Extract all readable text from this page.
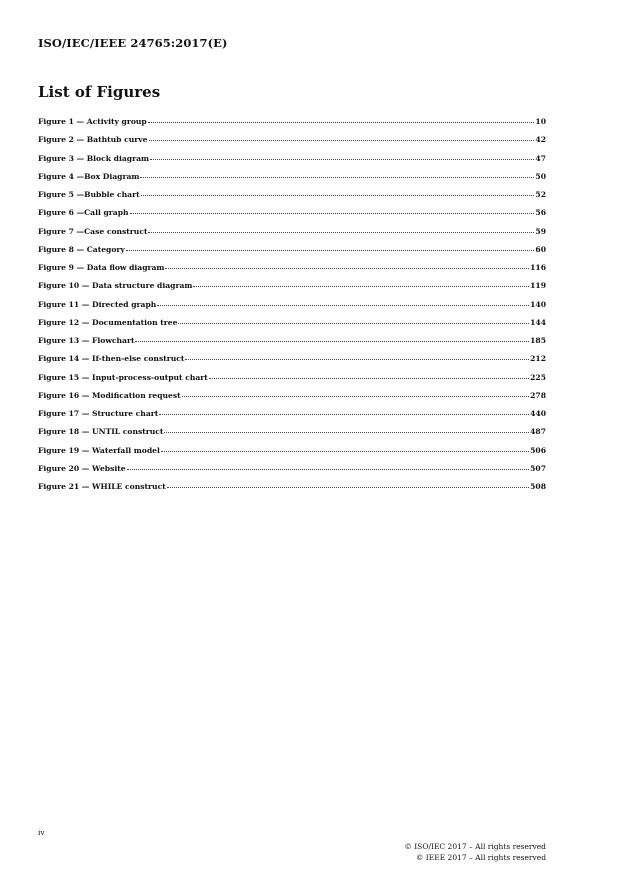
ISO/IEC/IEEE 24765:2017(E)
List of Figures
Figure 1 — Activity group	10
Figure 2 — Bathtub curve	42
Figure 3 — Block diagram	47
Figure 4 —Box Diagram	50
Figure 5 —Bubble chart	52
Figure 6 —Call graph	56
Figure 7 —Case construct	59
Figure 8 — Category	60
Figure 9 — Data flow diagram	116
Figure 10 — Data structure diagram	119
Figure 11 — Directed graph	140
Figure 12 — Documentation tree	144
Figure 13 — Flowchart	185
Figure 14 — If-then-else construct	212
Figure 15 — Input-process-output chart	225
Figure 16 — Modification request	278
Figure 17 — Structure chart	440
Figure 18 — UNTIL construct	487
Figure 19 — Waterfall model	506
Figure 20 — Website	507
Figure 21 — WHILE construct	508
iv
© ISO/IEC 2017 – All rights reserved
© IEEE 2017 – All rights reserved
